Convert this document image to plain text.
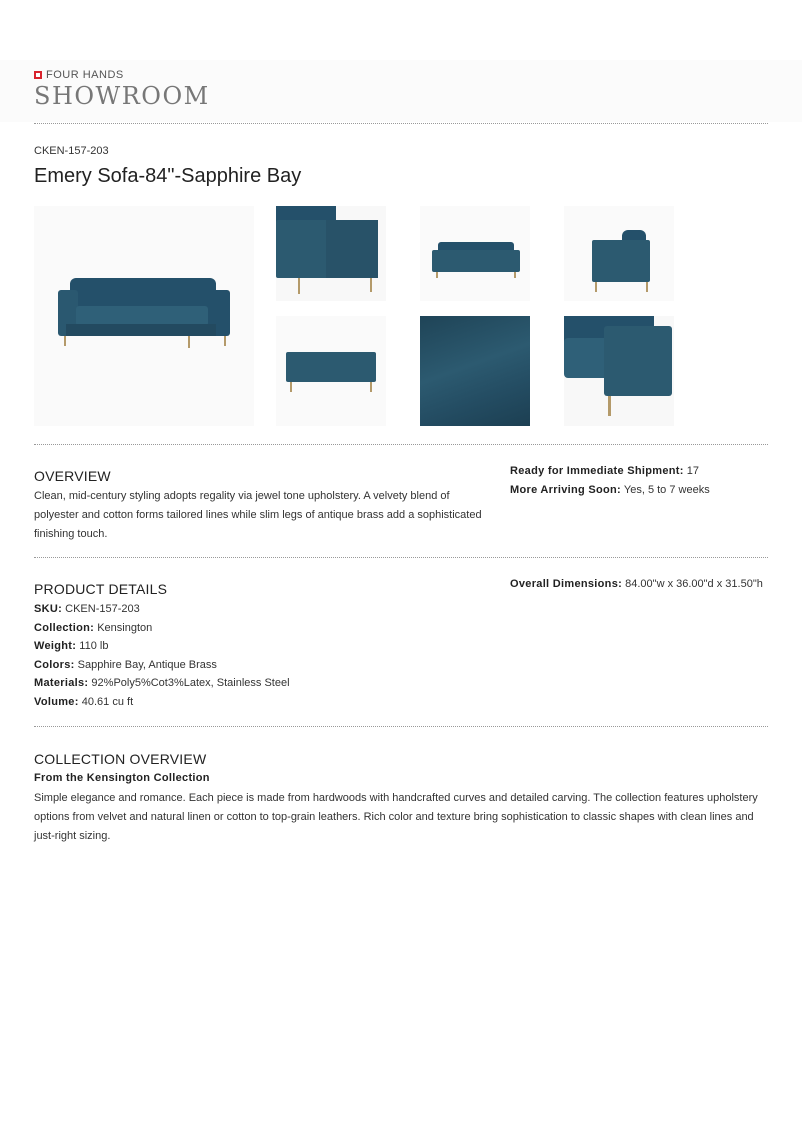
FOUR HANDS
SHOWROOM
CKEN-157-203
Emery Sofa-84"-Sapphire Bay
OVERVIEW
Clean, mid-century styling adopts regality via jewel tone upholstery. A velvety blend of polyester and cotton forms tailored lines while slim legs of antique brass add a sophisticated finishing touch.
Ready for Immediate Shipment: 17
More Arriving Soon: Yes, 5 to 7 weeks
PRODUCT DETAILS
SKU: CKEN-157-203
Collection: Kensington
Weight: 110 lb
Colors: Sapphire Bay, Antique Brass
Materials: 92%Poly5%Cot3%Latex, Stainless Steel
Volume: 40.61 cu ft
Overall Dimensions: 84.00"w x 36.00"d x 31.50"h
COLLECTION OVERVIEW
From the Kensington Collection
Simple elegance and romance. Each piece is made from hardwoods with handcrafted curves and detailed carving. The collection features upholstery options from velvet and natural linen or cotton to top-grain leathers. Rich color and texture bring sophistication to classic shapes with clean lines and just-right sizing.
